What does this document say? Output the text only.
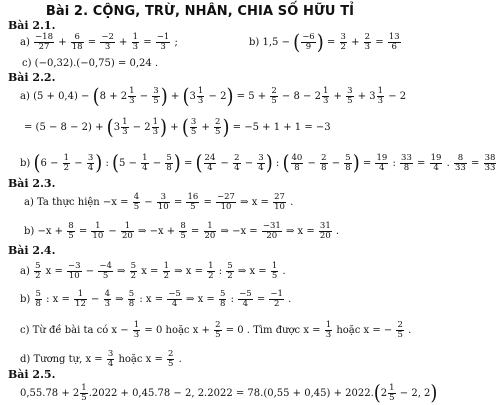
Bài 2. CỘNG, TRỪ, NHÂN, CHIA SỐ HỮU TỈ
Bài 2.1.
$a) \frac{-18}{27} + \frac{6}{18} = \frac{-2}{3} + \frac{1}{3} = \frac{-1}{3}$ ;	b) 1,5 − ( $\frac{-6}{9}$ ) = $\frac{3}{2} + \frac{2}{3} = \frac{13}{6}$
c) (−0,32).(−0,75) = 0,24 .
Bài 2.2.
a) $(5 + 0,4) - (8 + 2 \frac{1}{3} - \frac{3}{5}$ ) + $(3 \frac{1}{3} - 2) = 5 + \frac{2}{5} - 8 - 2 \frac{1}{3} + \frac{3}{5} + 3 \frac{1}{3} - 2$
= $(5 - 8 - 2) + (3 \frac{1}{3} - 2 \frac{1}{3}$ ) + ( $\frac{3}{5} + \frac{2}{5}$ ) = −5 + 1 + 1 = −3
b) ($6 - \frac{1}{2} - \frac{3}{4}$ ) : ($5 - \frac{1}{4} - \frac{5}{8}$ ) = ( $\frac{24}{4} - \frac{2}{4} - \frac{3}{4}$ ) : ( $\frac{40}{8} - \frac{2}{8} - \frac{5}{8}$ ) = $\frac{19}{4}$ : $\frac{33}{8} = \frac{19}{4}$ . $\frac{8}{33} = \frac{38}{33}$
Bài 2.3.
a) Ta thực hiện $-x = \frac{4}{5} - \frac{3}{10} = \frac{16}{5} = \frac{-27}{10}$ ⇒ $x = \frac{27}{10}$ .
$b) -x + \frac{8}{5} = \frac{1}{10} - \frac{1}{20}$ ⇒ $-x + \frac{8}{5} = \frac{1}{20}$ ⇒ $-x = \frac{-31}{20}$ ⇒ $x = \frac{31}{20}$ .
Bài 2.4.
$a) \frac{5}{2}$ $x = \frac{-3}{10} - \frac{-4}{5}$ ⇒ $\frac{5}{2}$ $x = \frac{1}{2}$ ⇒ $x = \frac{1}{2}$ : $\frac{5}{2}$ ⇒ $x = \frac{1}{5}$ .
$b) \frac{5}{8}$ : $x = \frac{1}{12} - \frac{4}{3}$ ⇒ $\frac{5}{8}$ : $x = \frac{-5}{4}$ ⇒ $x = \frac{5}{8}$ : $\frac{-5}{4} = \frac{-1}{2}$ .
c) Từ đề bài ta có $x - \frac{1}{3} = 0$ hoặc $x + \frac{2}{5} = 0$ . Tìm được $x = \frac{1}{3}$ hoặc x = − $\frac{2}{5}$ .
d) Tương tự, $x = \frac{3}{4}$ hoặc $x = \frac{2}{5}$ .
Bài 2.5.
$0,55.78 + 2 \frac{1}{5} .2022 + 0,45.78 - 2$, $2.2022 = 78.(0,55 + 0,45) + 2022.(2 \frac{1}{5} - 2$, 2)
